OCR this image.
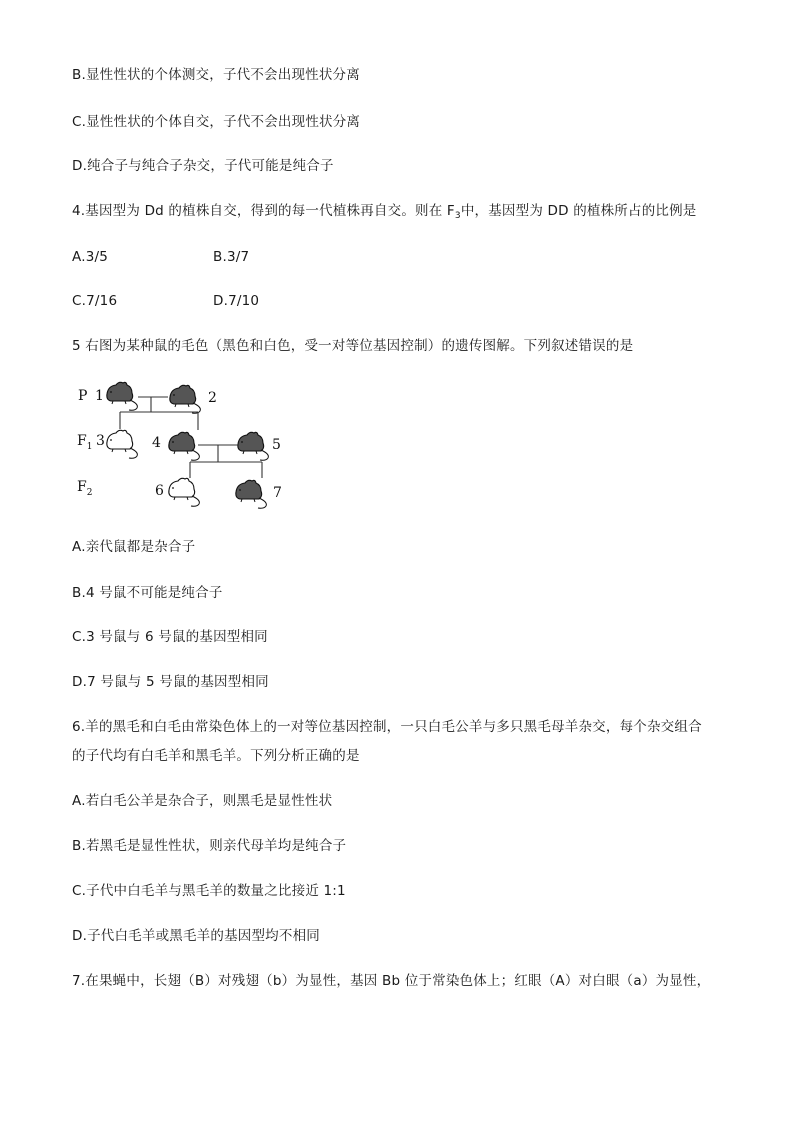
B.显性性状的个体测交，子代不会出现性状分离
C.显性性状的个体自交，子代不会出现性状分离
D.纯合子与纯合子杂交，子代可能是纯合子
4.基因型为 Dd 的植株自交，得到的每一代植株再自交。则在 $F_3$中，基因型为 DD 的植株所占的比例是
A.3/5	B.3/7
C.7/16	D.7/10
5 右图为某种鼠的毛色（黑色和白色，受一对等位基因控制）的遗传图解。下列叙述错误的是
P
$F_1$
$F_2$
1	2
3	4	5
6	7
A.亲代鼠都是杂合子
B.4 号鼠不可能是纯合子
C.3 号鼠与 6 号鼠的基因型相同
D.7 号鼠与 5 号鼠的基因型相同
6.羊的黑毛和白毛由常染色体上的一对等位基因控制，一只白毛公羊与多只黑毛母羊杂交，每个杂交组合
的子代均有白毛羊和黑毛羊。下列分析正确的是
A.若白毛公羊是杂合子，则黑毛是显性性状
B.若黑毛是显性性状，则亲代母羊均是纯合子
C.子代中白毛羊与黑毛羊的数量之比接近 1:1
D.子代白毛羊或黑毛羊的基因型均不相同
7.在果蝇中，长翅（B）对残翅（b）为显性，基因 Bb 位于常染色体上；红眼（A）对白眼（a）为显性，
